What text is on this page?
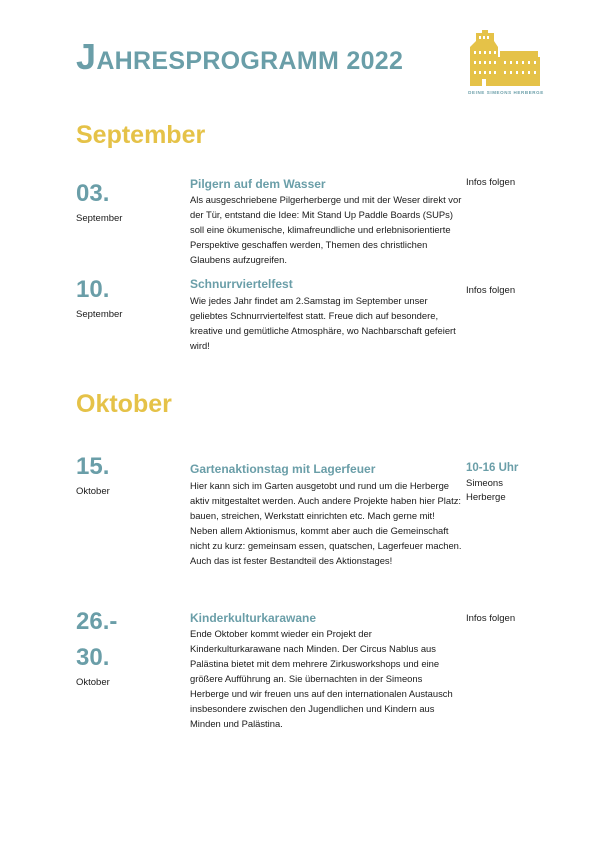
JAHRESPROGRAMM 2022
DEINE SIMEONS HERBERGE
September
03.
September
Pilgern auf dem Wasser
Als ausgeschriebene Pilgerherberge und mit der Weser direkt vor der Tür, entstand die Idee: Mit Stand Up Paddle Boards (SUPs) soll eine ökumenische, klimafreundliche und erlebnisorientierte Perspektive geschaffen werden, Themen des christlichen Glaubens aufzugreifen.
Infos folgen
10.
September
Schnurrviertelfest
Wie jedes Jahr findet am 2.Samstag im September unser geliebtes Schnurrviertelfest statt. Freue dich auf besondere, kreative und gemütliche Atmosphäre, wo Nachbarschaft gefeiert wird!
Infos folgen
Oktober
15.
Oktober
Gartenaktionstag mit Lagerfeuer
Hier kann sich im Garten ausgetobt und rund um die Herberge aktiv mitgestaltet werden. Auch andere Projekte haben hier Platz: bauen, streichen, Werkstatt einrichten etc. Mach gerne mit! Neben allem Aktionismus, kommt aber auch die Gemeinschaft nicht zu kurz: gemeinsam essen, quatschen, Lagerfeuer machen. Auch das ist fester Bestandteil des Aktionstages!
10-16 Uhr
Simeons
Herberge
26.-
30.
Oktober
Kinderkulturkarawane
Ende Oktober kommt wieder ein Projekt der Kinderkulturkarawane nach Minden. Der Circus Nablus aus Palästina bietet mit dem mehrere Zirkusworkshops und eine größere Aufführung an. Sie übernachten in der Simeons Herberge und wir freuen uns auf den internationalen Austausch insbesondere zwischen den Jugendlichen und Kindern aus Minden und Palästina.
Infos folgen
